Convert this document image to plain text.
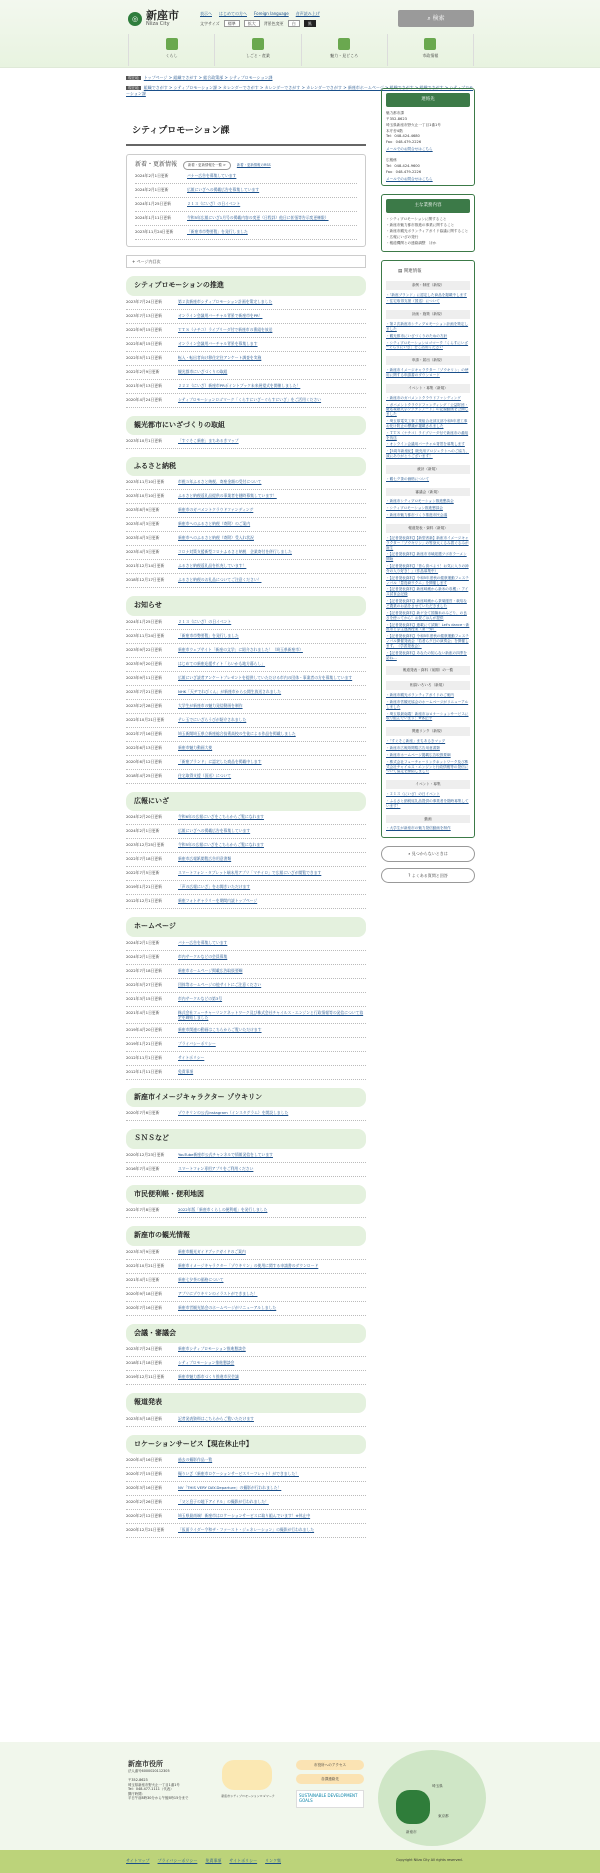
◎ 新座市
Niiza City
表示へ はじめての方へ Foreign language 音声読み上げ
文字サイズ	標準	拡大	背景色変更	白	黒
⌕ 検索
くらし	しごと・産業	魅力・見どころ	市政情報
現在地 トップページ > 組織でさがす > 総合政策部 > シティプロモーション課
現在地 組織でさがす > シティプロモーション課 > カレンダーでさがす > カレンダーでさがす > カレンダーでさがす > 新座市ホームページ > 組織でさがす > 組織でさがす > シティプロモーション課
シティプロモーション課
新着・更新情報	新着・更新情報を一覧 >	新着・更新情報のRSS
2024年2月1日更新	バナー広告を募集しています
2024年2月1日更新	広報にいざへの掲載広告を募集しています
2024年1月25日更新	２１３（にいざ）の日イベント
2024年1月11日更新	令和5年広報にいざ1月号の掲載内容の変更（日程詳）他日に拡張等告示変更権限）
2023年11月24日更新	「新座市市勢要覧」を発行しました
+ ページ内目次
シティプロモーションの推進
2023年7月24日更新	第２次新座市シティプロモーション計画を策定しました
2023年7月13日更新	オンライン会議用バーチャル背景で新座市をPR！
2022年9月15日更新	ＴＴＳ（ナチコ）ライブリーダ付で新座市の番組を放送
2022年8月15日更新	オンライン会議用バーチャル背景を募集します
2022年5月11日更新	転入・転出者向け移住定住アンケート調査を実施
2022年2月9日更新	観光都市にいざづくりの取組
2021年9月13日更新	２２２（にいざ）新座市PRポイントブック未来展望式を開催しました！
2020年4月24日更新	シティプロモーションロゴマーク「くらすにいざ~ぐらすにいざ」をご活用ください
観光都市にいざづくりの取組
2023年10月1日更新	「すぐそこ新座」まちあるきマップ
ふるさと納税
2023年11月10日更新	市税５年ふるさと納税、寄座金額の受付について
2023年10月10日更新	ふるさと納税返礼品提供の事業者を随時募集しています！
2023年8月9日更新	新座市のガバメントクラウドファンディング
2023年4月3日更新	新座市へのふるさと納税（寄附）のご案内
2023年4月3日更新	新座市へのふるさと納税（寄附）受入れ状況
2023年4月3日更新	コロナ対策支援新型コロナふるさと納税　企業寄付を併行しました
2021年12月14日更新	ふるさと納税返礼品を拡充しています！
2018年12月17日更新	ふるさと納税のお礼品についてご注意ください！
お知らせ
2024年1月25日更新	２１３（にいざ）の日イベント
2023年11月24日更新	「新座市市勢要覧」を発行しました
2023年9月22日更新	新座市ウェブサイト「新座の文学」に紹介されました！（埼玉県新座市）
2023年9月20日更新	はじめての新座応援サイト「らいかも地方暮らし」
2023年9月11日更新	広報にいざ読者アンケートプレゼントを提供していただける市内の団体・事業者の方を募集しています
2023年7月21日更新	NHK「天ヂでれびくん」が新座市から公開生放送されました
2023年2月28日更新	大学生が新座市の魅力発信動画を制作
2022年10月21日更新	テレ玉でにいざらうびが紹介されました
2022年7月16日更新	埼玉新聞埼玉県立新座総合技術高校の生徒による作品を掲載しました
2022年6月13日更新	新座市魅力動画大使
2020年6月12日更新	「新座ブランド」に認定した商品を掲載中します
2018年4月25日更新	住宅取得支援（国送）について
広報にいざ
2024年2月20日更新	令和6年の広報にいざをこちらからご覧になれます
2024年2月1日更新	広報にいざへの掲載広告を募集しています
2023年12月25日更新	令和5年の広報にいざをこちらからご覧になれます
2022年7月18日更新	新座市広報紙閲覧広告用意書類
2022年7月5日更新	スマートフォン・タブレット端末用アプリ「マチイロ」で広報にいざが閲覧できます
2019年1月21日更新	「声の広報にいざ」をお聞きいただけます
2012年12月1日更新	新座フォトギャラリーを期間内読トップページ
ホームページ
2024年2月1日更新	バナー広告を募集しています
2024年2月1日更新	市内サークルなどの会員募集
2022年7月18日更新	新座市ホームページ掲載広告取扱要綱
2022年5月27日更新	団体等ホームページの他サイトにご注意ください
2021年3月15日更新	市内サークルなどの第3号
2021年4月1日更新	株式会社フューチャーリンクネットワーク及び株式会社チャイルス・エンジンと行政情報等の発信について協定を締結しました
2019年4月20日更新	新座市関連の動画はこちらからご覧いただけます
2019年1月21日更新	プライバシーポリシー
2012年11月1日更新	サイトポリシー
2012年1月11日更新	免責事項
新座市イメージキャラクター ゾウキリン
2020年7月6日更新	ゾウキリンの公式Instagram（インスタグラム）を開設しました
ＳＮＳなど
2020年12月23日更新	YouTube新座市公式チャンネルで情報発信をしています
2016年7月4日更新	スマートフォン専用アプリをご利用ください
市民便利帳・便利地図
2022年7月8日更新	2022年版「新座市くらしの便利帳」を発行しました
新座市の観光情報
2023年3月9日更新	新座市観光ガイドブックガイドのご案内
2022年10月21日更新	新座市イメージキャラクター「ゾウキリン」の使用に関する申請書のダウンロード
2021年4月1日更新	新座七夕茶の価格について
2020年9月18日更新	アプリにゾウキリンのイラストができました！
2020年7月16日更新	新座市営観光協会のホームページがリニューアルしました
会議・審議会
2023年7月24日更新	新座市シティプロモーション推進懇談会
2018年1月18日更新	シティプロモーション推進懇談会
2019年12月11日更新	新座市魅力都市づくり推進市民会議
報道発表
2023年5月18日更新	記者発表資料はこちらからご覧いただけます
ロケーションサービス【現在休止中】
2020年4月16日更新	過去の撮影作品一覧
2020年7月15日更新	撮りいざ（新座市ロケーションサービスリーフレット）ができました！
2020年3月16日更新	NV「THIS VERY DAY-Departure」の撮影が行われました！
2020年2月26日更新	「父と息子の地下アイドル」の撮影が行われました！
2020年2月12日更新	埼玉県最南端！新座市はロケーションサービスに取り組んでいます！※休止中
2020年12月21日更新	「仮面ライダー令和ザ・ファースト・ジェネレーション」の撮影が行われました
連絡先

魅力都市課

〒352-8623

埼玉県新座市野火止一丁目1番1号

本庁舎4階

Tel：048-424-4680

Fax：048-479-2226

メールでのお問合せはこちら

広報係

Tel：048-424-9600

Fax：048-479-2226

メールでのお問合せはこちら
主な業務内容

・シティプロモーションに関すること

・新座市魅力都市推進の事業に関すること

・新座市観光ボランティアガイド協議に関すること

・広報にいざの発行

・報道機関との連絡調整　ほか

▤ 関連情報
条例・制度（新規）
・「新座ブランド」に認定した商品を掲載中します
・住宅取得支援（国送）について
計画・施策（新規）
・第２次新座市シティプロモーション計画を策定しました
・観光都市にいざづくりのための方針
・シティプロモーションロゴマーク「くらすにいざ~ぐらすにいざ」をご活用ください
申請・届出（新規）
・新座市イメージキャラクター「ゾウキリン」の使用に関する申請書のダウンロード
イベント・募集（新規）
・新座市のガバメントクラウドファンディング
・ガバメントクラウドファンディング「公益財団・慶応義塾大学ワクチンアート」の記録動画を公開しました
・埼玉県電気工事工業組合北部支部令和5年度工事お化け防止の標識が掲載されました
・ＴＴＳ（ナチコ）ライブリーダ付で新座市の番組を放送
・オンライン会議用バーチャル背景を募集します
・【5周年新座紀】販売用プロジェクトへのご協力、誠にありがとうございます！
統計（新規）
・観七夕茶の価格について
審議会（新規）
・新座市シティプロモーション推進懇談会
・シティプロモーション推進懇談会
・新座市魅力都市づくり推進市民会議
報道発表・資料（新規）
・【記者発表資料】【新型者新】新座市イメージキャラクター「ゾウキリン」の等身大くるみ着ぐるみが誕生
・【記者発表資料】新座市市域総選ツボ市ラーメン開始
・【記者発表資料】「昔ら食べよう！お気に入りの神介の入り好き！」（作品募集中）
・【記者発表資料】令和5年度秋の健康運動フェスティバル「豊島商ウクニ」を開催します
・【記者発表資料】新座味蔵から新米の収穫」・アイス試食会記録
・【記者発表資料】新座味蔵から茶葉運営・栽培など農業のお話をさせていただきました
・【記者発表資料】新ゲ全て国鍋米のみどり、の良さを使ってから！お昼ごはんが提供
・【記者発表資料】連載にて試験！Let's dance～新座市と学生連携授業（第一弾）
・【記者発表資料】令和5年度秋の健康運動フェスティバル開催発表会「若者ら夕日の演奏会」を開催します。（学習発表会）
・【記者発表資料】あなたの知らない新座の四季を訪ね…
報道発表・資料（前期）の一覧
相談いろいろ（新規）
・新座市観光ボランティアガイドのご案内
・新座市営観光協会のホームページがリニューアルしました
・埼玉県最南端！新座市はロケーションサービスに取り組んでいます！※休止中
関連リンク（新規）
・「すぐそこ新座」まちあるきマップ
・新座市広報紙閲覧広告用意書類
・新座市ホームページ掲載広告取扱要綱
・株式会社フューチャーリンクネットワーク及び株式会社チャイルス・エンジンと行政情報等の発信について協定を締結しました
イベント・募集
・２１３（にいざ）の日イベント
・ふるさと納税返礼品提供の事業者を随時募集しています！
動画
・大学生が新座市の魅力発信動画を制作
⌕ 見つからないときは
? よくある質問と回答
新座市役所
法人番号6000020112305
〒352-8623
埼玉県新座市野火止一丁目1番1号
Tel：048-477-1111（代表）
開庁時間：
平日午前8時30分から午後5時15分まで
新座市シティプロモーションロゴマーク
市役所へのアクセス
各課連絡先
SUSTAINABLE DEVELOPMENT GOALS
新座市
埼玉県
東京都
サイトマップ プライバシーポリシー 免責事項 サイトポリシー リンク集	Copyright Niiza City All rights reserved.
